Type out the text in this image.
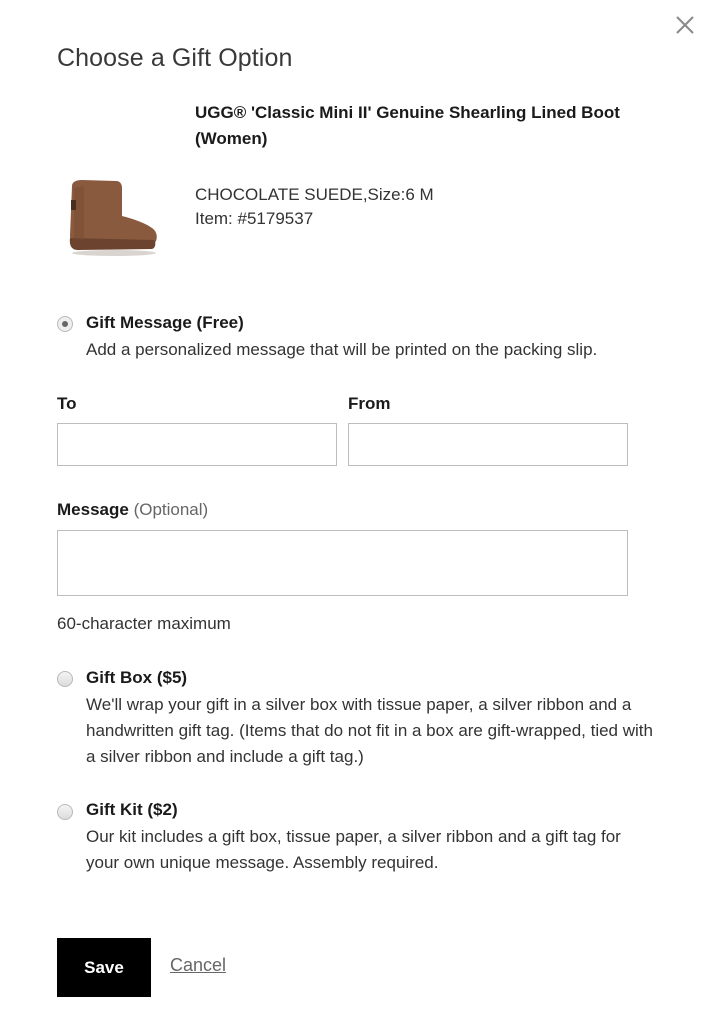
Choose a Gift Option
UGG® 'Classic Mini II' Genuine Shearling Lined Boot (Women)
CHOCOLATE SUEDE,Size:6 M
Item: #5179537
Gift Message (Free)
Add a personalized message that will be printed on the packing slip.
To	From
Message (Optional)
60-character maximum
Gift Box ($5)
We'll wrap your gift in a silver box with tissue paper, a silver ribbon and a handwritten gift tag. (Items that do not fit in a box are gift-wrapped, tied with a silver ribbon and include a gift tag.)
Gift Kit ($2)
Our kit includes a gift box, tissue paper, a silver ribbon and a gift tag for your own unique message. Assembly required.
Save	Cancel
